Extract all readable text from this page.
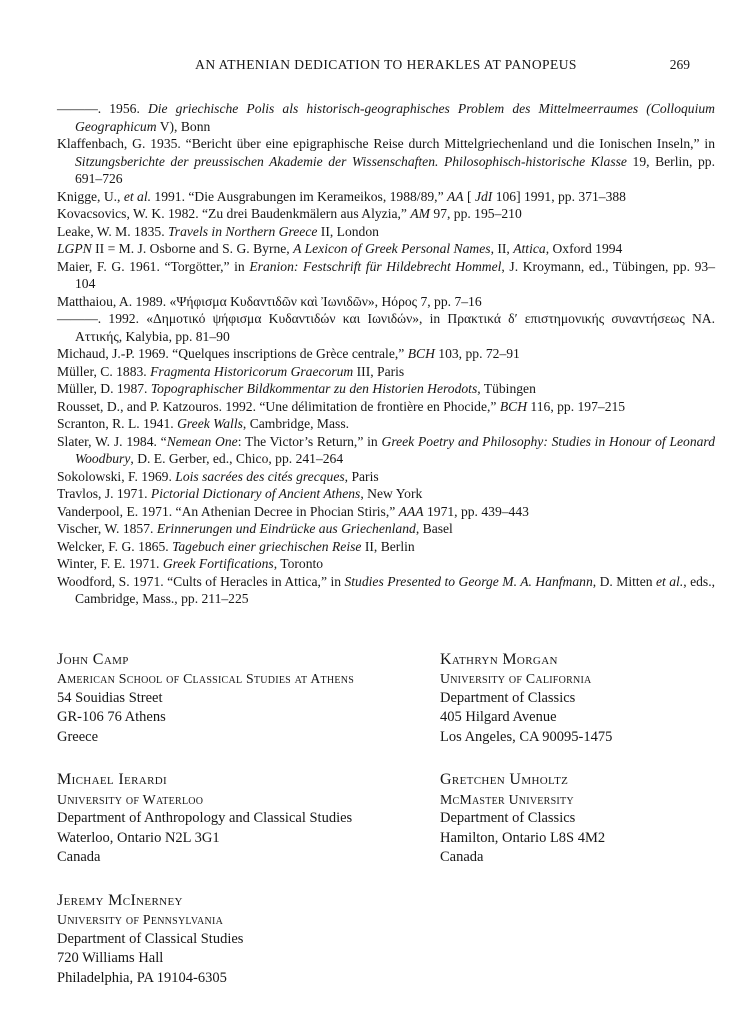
AN ATHENIAN DEDICATION TO HERAKLES AT PANOPEUS	269

———. 1956. Die griechische Polis als historisch-geographisches Problem des Mittelmeerraumes (Colloquium Geographicum V), Bonn

Klaffenbach, G. 1935. “Bericht über eine epigraphische Reise durch Mittelgriechenland und die Ionischen Inseln,” in Sitzungsberichte der preussischen Akademie der Wissenschaften. Philosophisch-historische Klasse 19, Berlin, pp. 691–726

Knigge, U., et al. 1991. “Die Ausgrabungen im Kerameikos, 1988/89,” AA [ JdI 106] 1991, pp. 371–388

Kovacsovics, W. K. 1982. “Zu drei Baudenkmälern aus Alyzia,” AM 97, pp. 195–210

Leake, W. M. 1835. Travels in Northern Greece II, London

LGPN II = M. J. Osborne and S. G. Byrne, A Lexicon of Greek Personal Names, II, Attica, Oxford 1994

Maier, F. G. 1961. “Torgötter,” in Eranion: Festschrift für Hildebrecht Hommel, J. Kroymann, ed., Tübingen, pp. 93–104

Matthaiou, A. 1989. «Ψήφισμα Κυδαντιδῶν καὶ Ἰωνιδῶν», Ηόρος 7, pp. 7–16

———. 1992. «Δημοτικό ψήφισμα Κυδαντιδών και Ιωνιδών», in Πρακτικά δ′ επιστημονικής συναντήσεως ΝΑ. Αττικής, Kalybia, pp. 81–90

Michaud, J.-P. 1969. “Quelques inscriptions de Grèce centrale,” BCH 103, pp. 72–91

Müller, C. 1883. Fragmenta Historicorum Graecorum III, Paris

Müller, D. 1987. Topographischer Bildkommentar zu den Historien Herodots, Tübingen

Rousset, D., and P. Katzouros. 1992. “Une délimitation de frontière en Phocide,” BCH 116, pp. 197–215

Scranton, R. L. 1941. Greek Walls, Cambridge, Mass.

Slater, W. J. 1984. “Nemean One: The Victor’s Return,” in Greek Poetry and Philosophy: Studies in Honour of Leonard Woodbury, D. E. Gerber, ed., Chico, pp. 241–264

Sokolowski, F. 1969. Lois sacrées des cités grecques, Paris

Travlos, J. 1971. Pictorial Dictionary of Ancient Athens, New York

Vanderpool, E. 1971. “An Athenian Decree in Phocian Stiris,” AAA 1971, pp. 439–443

Vischer, W. 1857. Erinnerungen und Eindrücke aus Griechenland, Basel

Welcker, F. G. 1865. Tagebuch einer griechischen Reise II, Berlin

Winter, F. E. 1971. Greek Fortifications, Toronto

Woodford, S. 1971. “Cults of Heracles in Attica,” in Studies Presented to George M. A. Hanfmann, D. Mitten et al., eds., Cambridge, Mass., pp. 211–225

John Camp
American School of Classical Studies at Athens
54 Souidias Street
GR-106 76 Athens
Greece
Kathryn Morgan
University of California
Department of Classics
405 Hilgard Avenue
Los Angeles, CA 90095-1475
Michael Ierardi
University of Waterloo
Department of Anthropology and Classical Studies
Waterloo, Ontario N2L 3G1
Canada
Gretchen Umholtz
McMaster University
Department of Classics
Hamilton, Ontario L8S 4M2
Canada
Jeremy McInerney
University of Pennsylvania
Department of Classical Studies
720 Williams Hall
Philadelphia, PA 19104-6305
